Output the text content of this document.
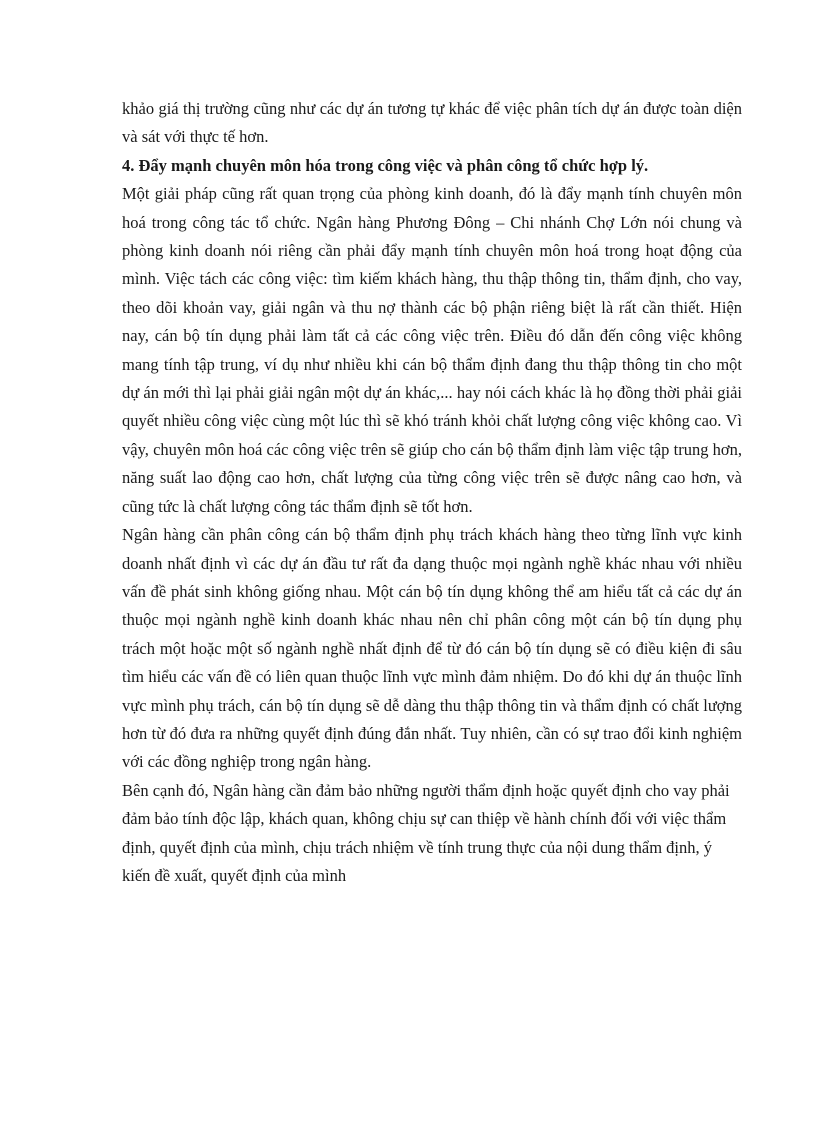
khảo giá thị trường cũng như các dự án tương tự khác để việc phân tích dự án được toàn diện và sát với thực tế hơn.

4. Đẩy mạnh chuyên môn hóa trong công việc và phân công tổ chức hợp lý.

Một giải pháp cũng rất quan trọng của phòng kinh doanh, đó là đẩy mạnh tính chuyên môn hoá trong công tác tổ chức. Ngân hàng Phương Đông – Chi nhánh Chợ Lớn nói chung và phòng kinh doanh nói riêng cần phải đẩy mạnh tính chuyên môn hoá trong hoạt động của mình. Việc tách các công việc: tìm kiếm khách hàng, thu thập thông tin, thẩm định, cho vay, theo dõi khoản vay, giải ngân và thu nợ thành các bộ phận riêng biệt là rất cần thiết. Hiện nay, cán bộ tín dụng phải làm tất cả các công việc trên. Điều đó dẫn đến công việc không mang tính tập trung, ví dụ như nhiều khi cán bộ thẩm định đang thu thập thông tin cho một dự án mới thì lại phải giải ngân một dự án khác,... hay nói cách khác là họ đồng thời phải giải quyết nhiều công việc cùng một lúc thì sẽ khó tránh khỏi chất lượng công việc không cao. Vì vậy, chuyên môn hoá các công việc trên sẽ giúp cho cán bộ thẩm định làm việc tập trung hơn, năng suất lao động cao hơn, chất lượng của từng công việc trên sẽ được nâng cao hơn, và cũng tức là chất lượng công tác thẩm định sẽ tốt hơn.

Ngân hàng cần phân công cán bộ thẩm định phụ trách khách hàng theo từng lĩnh vực kinh doanh nhất định vì các dự án đầu tư rất đa dạng thuộc mọi ngành nghề khác nhau với nhiều vấn đề phát sinh không giống nhau. Một cán bộ tín dụng không thể am hiểu tất cả các dự án thuộc mọi ngành nghề kinh doanh khác nhau nên chỉ phân công một cán bộ tín dụng phụ trách một hoặc một số ngành nghề nhất định để từ đó cán bộ tín dụng sẽ có điều kiện đi sâu tìm hiểu các vấn đề có liên quan thuộc lĩnh vực mình đảm nhiệm. Do đó khi dự án thuộc lĩnh vực mình phụ trách, cán bộ tín dụng sẽ dễ dàng thu thập thông tin và thẩm định có chất lượng hơn từ đó đưa ra những quyết định đúng đắn nhất. Tuy nhiên, cần có sự trao đổi kinh nghiệm với các đồng nghiệp trong ngân hàng.

Bên cạnh đó, Ngân hàng cần đảm bảo những người thẩm định hoặc quyết định cho vay phải đảm bảo tính độc lập, khách quan, không chịu sự can thiệp về hành chính đối với việc thẩm định, quyết định của mình, chịu trách nhiệm về tính trung thực của nội dung thẩm định, ý kiến đề xuất, quyết định của mình
